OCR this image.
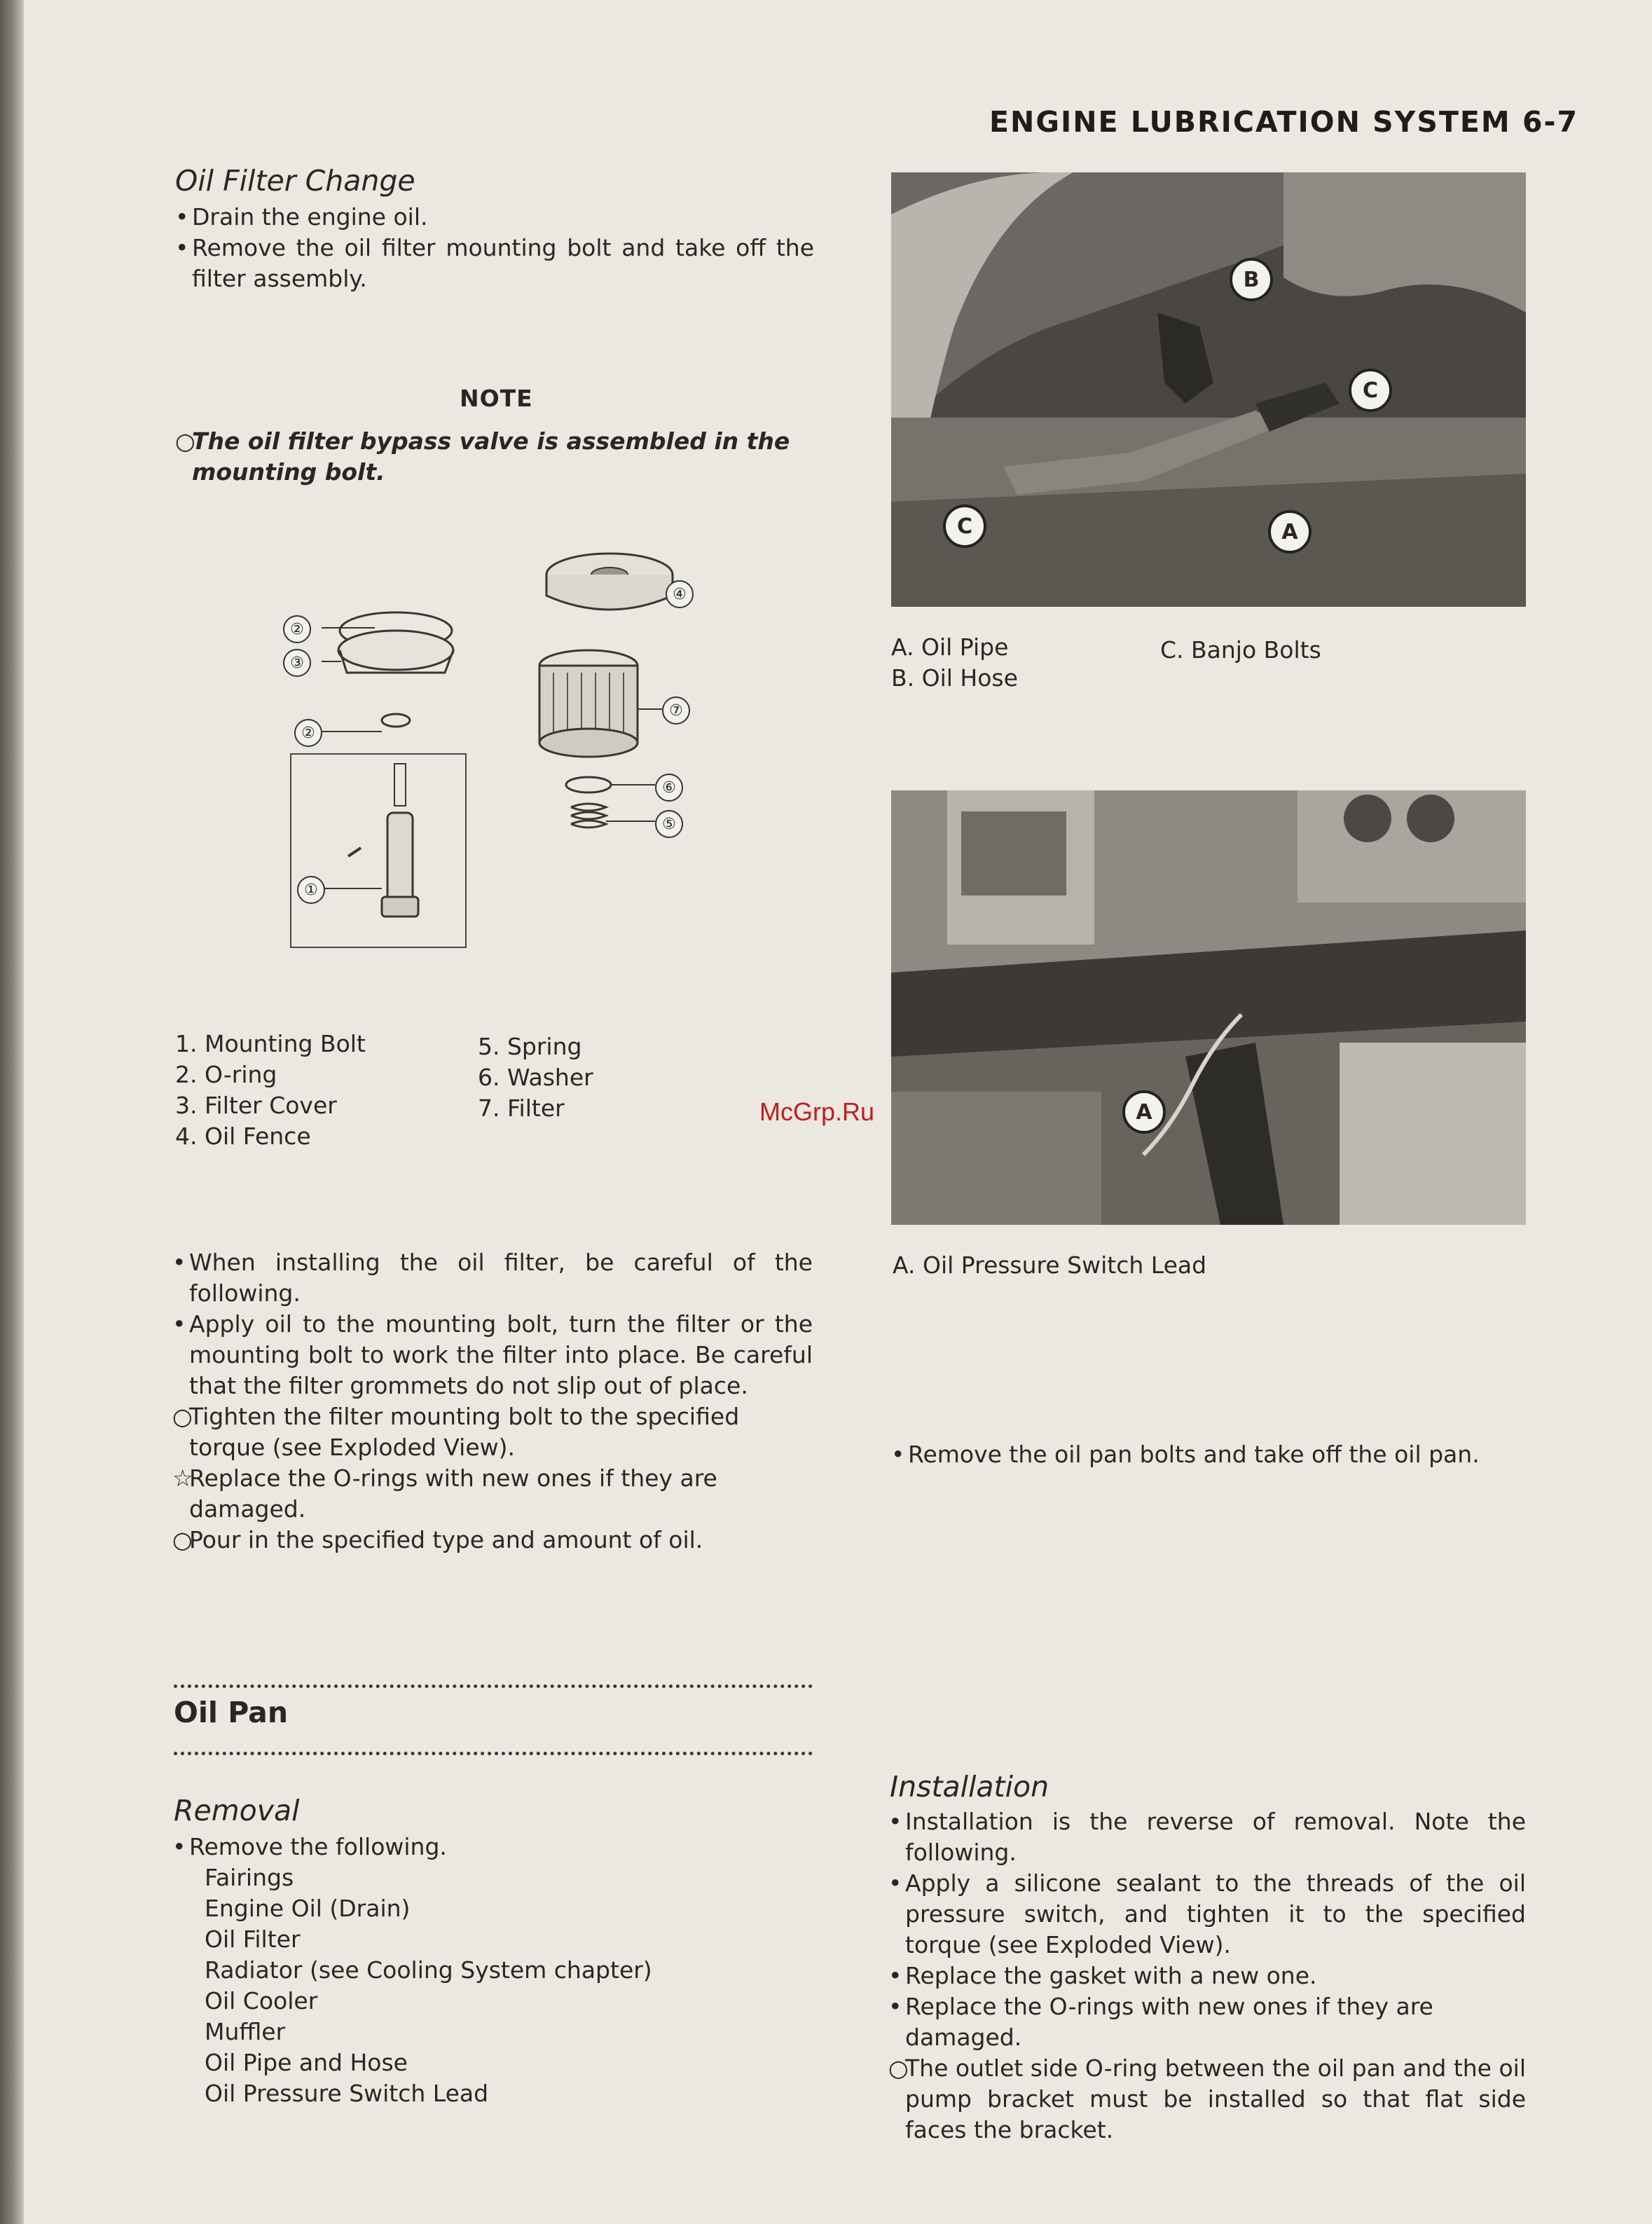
ENGINE LUBRICATION SYSTEM 6-7
Oil Filter Change
• Drain the engine oil.
• Remove the oil filter mounting bolt and take off the filter assembly.
NOTE
○
The oil filter bypass valve is assembled in the mounting bolt.
②
③
②
①
④
⑦
⑥
⑤
1. Mounting Bolt
2. O-ring
3. Filter Cover
4. Oil Fence
5. Spring
6. Washer
7. Filter
• When installing the oil filter, be careful of the following.
• Apply oil to the mounting bolt, turn the filter or the mounting bolt to work the filter into place. Be careful that the filter grommets do not slip out of place.
○
Tighten the filter mounting bolt to the specified torque (see Exploded View).
☆
Replace the O-rings with new ones if they are damaged.
○
Pour in the specified type and amount of oil.
Oil Pan
Removal
• Remove the following.
Fairings
Engine Oil (Drain)
Oil Filter
Radiator (see Cooling System chapter)
Oil Cooler
Muffler
Oil Pipe and Hose
Oil Pressure Switch Lead
B
C
C	A
A. Oil Pipe
B. Oil Hose
C. Banjo Bolts
A
A. Oil Pressure Switch Lead
• Remove the oil pan bolts and take off the oil pan.
Installation
• Installation is the reverse of removal. Note the following.
• Apply a silicone sealant to the threads of the oil pressure switch, and tighten it to the specified torque (see Exploded View).
• Replace the gasket with a new one.
• Replace the O-rings with new ones if they are damaged.
○
The outlet side O-ring between the oil pan and the oil pump bracket must be installed so that flat side faces the bracket.
McGrp.Ru
